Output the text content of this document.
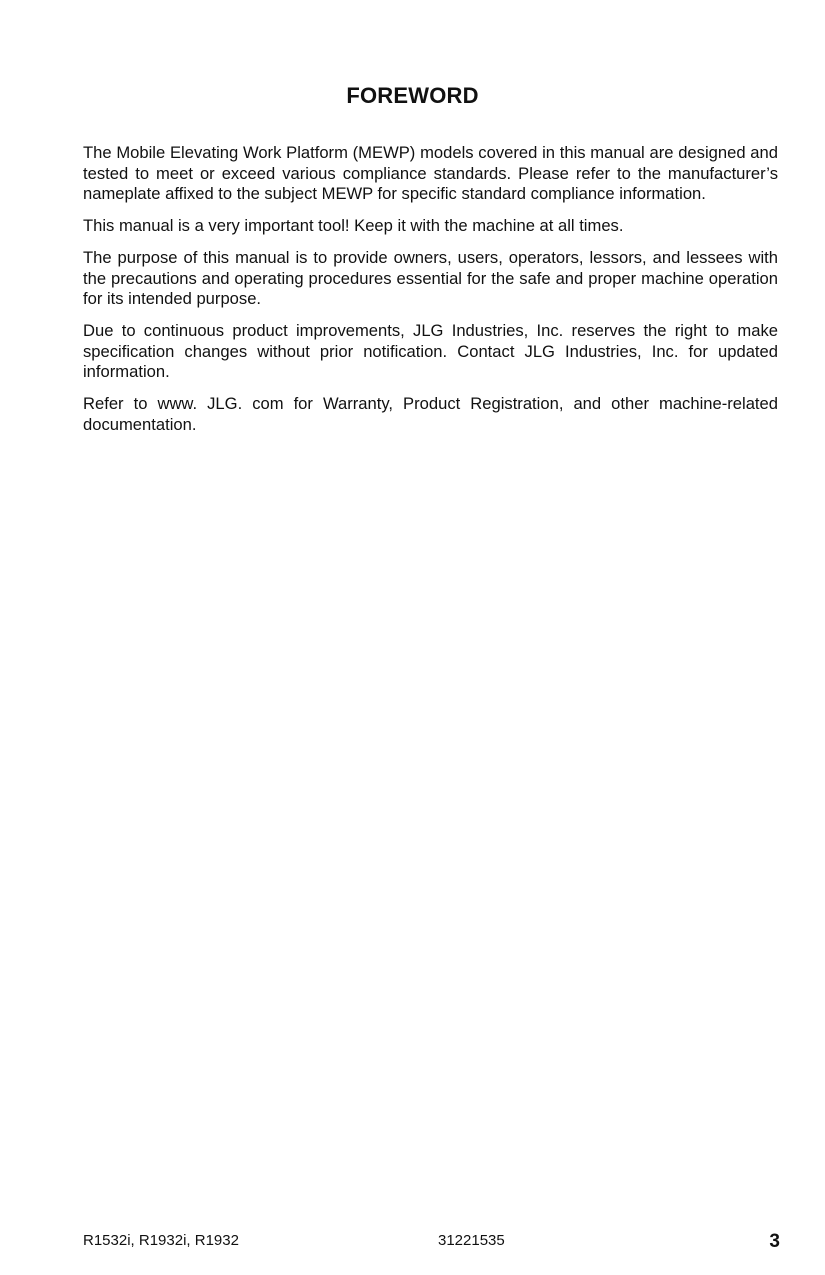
FOREWORD

The Mobile Elevating Work Platform (MEWP) models covered in this manual are designed and tested to meet or exceed various compliance standards. Please refer to the manufacturer’s nameplate affixed to the subject MEWP for specific standard compliance information.

This manual is a very important tool! Keep it with the machine at all times.

The purpose of this manual is to provide owners, users, operators, lessors, and lessees with the precautions and operating procedures essential for the safe and proper machine operation for its intended purpose.

Due to continuous product improvements, JLG Industries, Inc. reserves the right to make specification changes without prior notification. Contact JLG Industries, Inc. for updated information.

Refer to www. JLG. com for Warranty, Product Registration, and other machine-related documentation.

R1532i, R1932i, R1932	31221535	3
